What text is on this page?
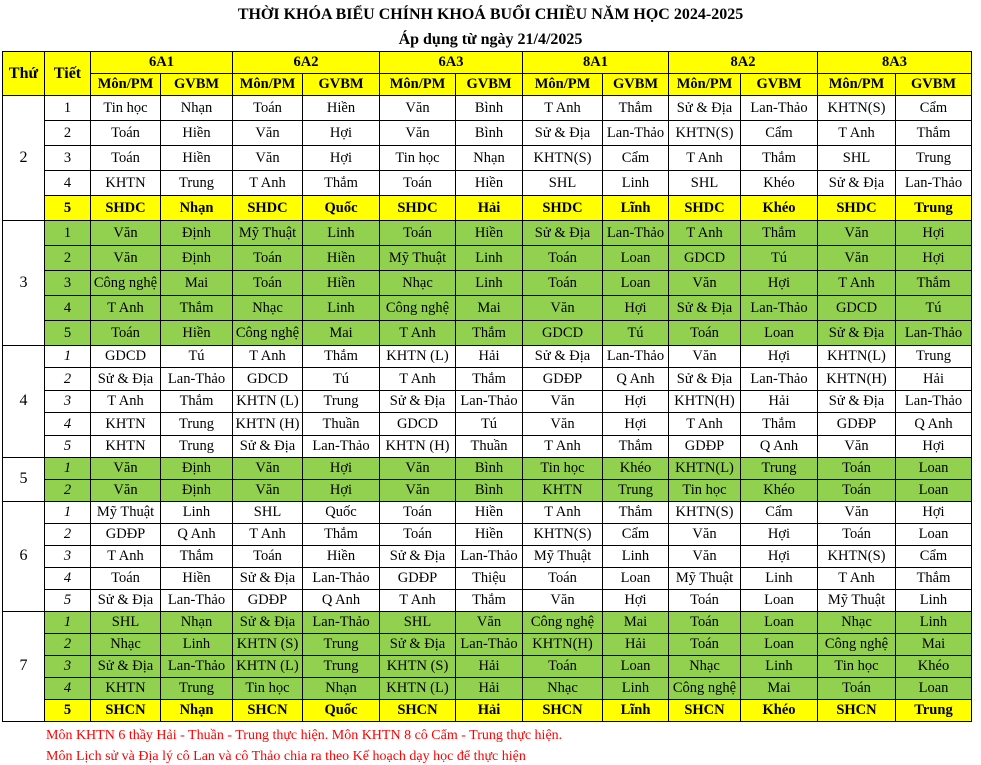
THỜI KHÓA BIỂU CHÍNH KHOÁ BUỔI CHIỀU NĂM HỌC 2024-2025
Áp dụng từ ngày 21/4/2025
Thứ	Tiết	6A1		6A2		6A3		8A1		8A2		8A3	
		Môn/PM	GVBM	Môn/PM	GVBM	Môn/PM	GVBM	Môn/PM	GVBM	Môn/PM	GVBM	Môn/PM	GVBM
2	1	Tin học	Nhạn	Toán	Hiền	Văn	Bình	T Anh	Thắm	Sử & Địa	Lan-Thảo	KHTN(S)	Cẩm
	2	Toán	Hiền	Văn	Hợi	Văn	Bình	Sử & Địa	Lan-Thảo	KHTN(S)	Cẩm	T Anh	Thắm
	3	Toán	Hiền	Văn	Hợi	Tin học	Nhạn	KHTN(S)	Cẩm	T Anh	Thắm	SHL	Trung
	4	KHTN	Trung	T Anh	Thắm	Toán	Hiền	SHL	Linh	SHL	Khéo	Sử & Địa	Lan-Thảo
	5	SHDC	Nhạn	SHDC	Quốc	SHDC	Hải	SHDC	Lĩnh	SHDC	Khéo	SHDC	Trung
3	1	Văn	Định	Mỹ Thuật	Linh	Toán	Hiền	Sử & Địa	Lan-Thảo	T Anh	Thắm	Văn	Hợi
	2	Văn	Định	Toán	Hiền	Mỹ Thuật	Linh	Toán	Loan	GDCD	Tú	Văn	Hợi
	3	Công nghệ	Mai	Toán	Hiền	Nhạc	Linh	Toán	Loan	Văn	Hợi	T Anh	Thắm
	4	T Anh	Thắm	Nhạc	Linh	Công nghệ	Mai	Văn	Hợi	Sử & Địa	Lan-Thảo	GDCD	Tú
	5	Toán	Hiền	Công nghệ	Mai	T Anh	Thắm	GDCD	Tú	Toán	Loan	Sử & Địa	Lan-Thảo
4	1	GDCD	Tú	T Anh	Thắm	KHTN (L)	Hải	Sử & Địa	Lan-Thảo	Văn	Hợi	KHTN(L)	Trung
	2	Sử & Địa	Lan-Thảo	GDCD	Tú	T Anh	Thắm	GDĐP	Q Anh	Sử & Địa	Lan-Thảo	KHTN(H)	Hải
	3	T Anh	Thắm	KHTN (L)	Trung	Sử & Địa	Lan-Thảo	Văn	Hợi	KHTN(H)	Hải	Sử & Địa	Lan-Thảo
	4	KHTN	Trung	KHTN (H)	Thuần	GDCD	Tú	Văn	Hợi	T Anh	Thắm	GDĐP	Q Anh
	5	KHTN	Trung	Sử & Địa	Lan-Thảo	KHTN (H)	Thuần	T Anh	Thắm	GDĐP	Q Anh	Văn	Hợi
5	1	Văn	Định	Văn	Hợi	Văn	Bình	Tin học	Khéo	KHTN(L)	Trung	Toán	Loan
	2	Văn	Định	Văn	Hợi	Văn	Bình	KHTN	Trung	Tin học	Khéo	Toán	Loan
6	1	Mỹ Thuật	Linh	SHL	Quốc	Toán	Hiền	T Anh	Thắm	KHTN(S)	Cẩm	Văn	Hợi
	2	GDĐP	Q Anh	T Anh	Thắm	Toán	Hiền	KHTN(S)	Cẩm	Văn	Hợi	Toán	Loan
	3	T Anh	Thắm	Toán	Hiền	Sử & Địa	Lan-Thảo	Mỹ Thuật	Linh	Văn	Hợi	KHTN(S)	Cẩm
	4	Toán	Hiền	Sử & Địa	Lan-Thảo	GDĐP	Thiệu	Toán	Loan	Mỹ Thuật	Linh	T Anh	Thắm
	5	Sử & Địa	Lan-Thảo	GDĐP	Q Anh	T Anh	Thắm	Văn	Hợi	Toán	Loan	Mỹ Thuật	Linh
7	1	SHL	Nhạn	Sử & Địa	Lan-Thảo	SHL	Văn	Công nghệ	Mai	Toán	Loan	Nhạc	Linh
	2	Nhạc	Linh	KHTN (S)	Trung	Sử & Địa	Lan-Thảo	KHTN(H)	Hải	Toán	Loan	Công nghệ	Mai
	3	Sử & Địa	Lan-Thảo	KHTN (L)	Trung	KHTN (S)	Hải	Toán	Loan	Nhạc	Linh	Tin học	Khéo
	4	KHTN	Trung	Tin học	Nhạn	KHTN (L)	Hải	Nhạc	Linh	Công nghệ	Mai	Toán	Loan
	5	SHCN	Nhạn	SHCN	Quốc	SHCN	Hải	SHCN	Lĩnh	SHCN	Khéo	SHCN	Trung
Môn KHTN 6 thầy Hải - Thuần - Trung thực hiện. Môn KHTN 8 cô Cẩm - Trung thực hiện.
Môn Lịch sử và Địa lý cô Lan và cô Thảo chia ra theo Kế hoạch dạy học để thực hiện
